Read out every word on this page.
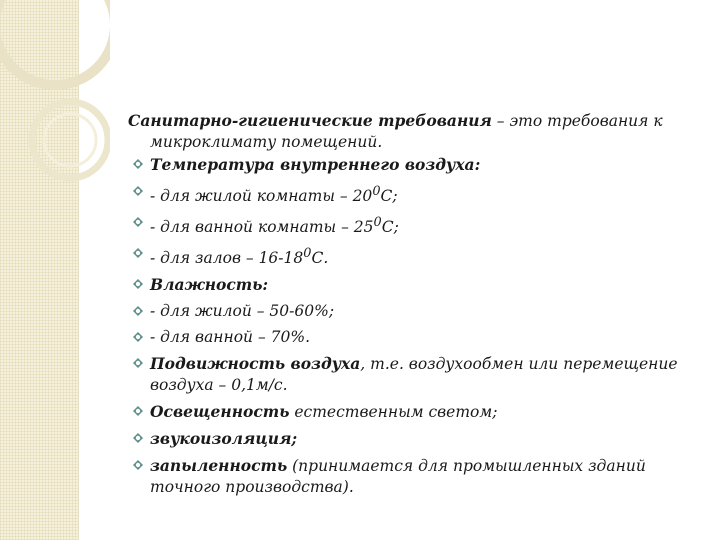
Санитарно-гигиенические требования – это требования к микроклимату помещений.

Температура внутреннего воздуха:
- для жилой комнаты – $20^0С$;
- для ванной комнаты – $25^0С$;
- для залов – $16-18^0С$.
Влажность:
- для жилой – 50-60%;
- для ванной – 70%.
Подвижность воздуха, т.е. воздухообмен или перемещение воздуха – 0,1м/с.
Освещенность естественным светом;
звукоизоляция;
запыленность (принимается для промышленных зданий точного производства).
